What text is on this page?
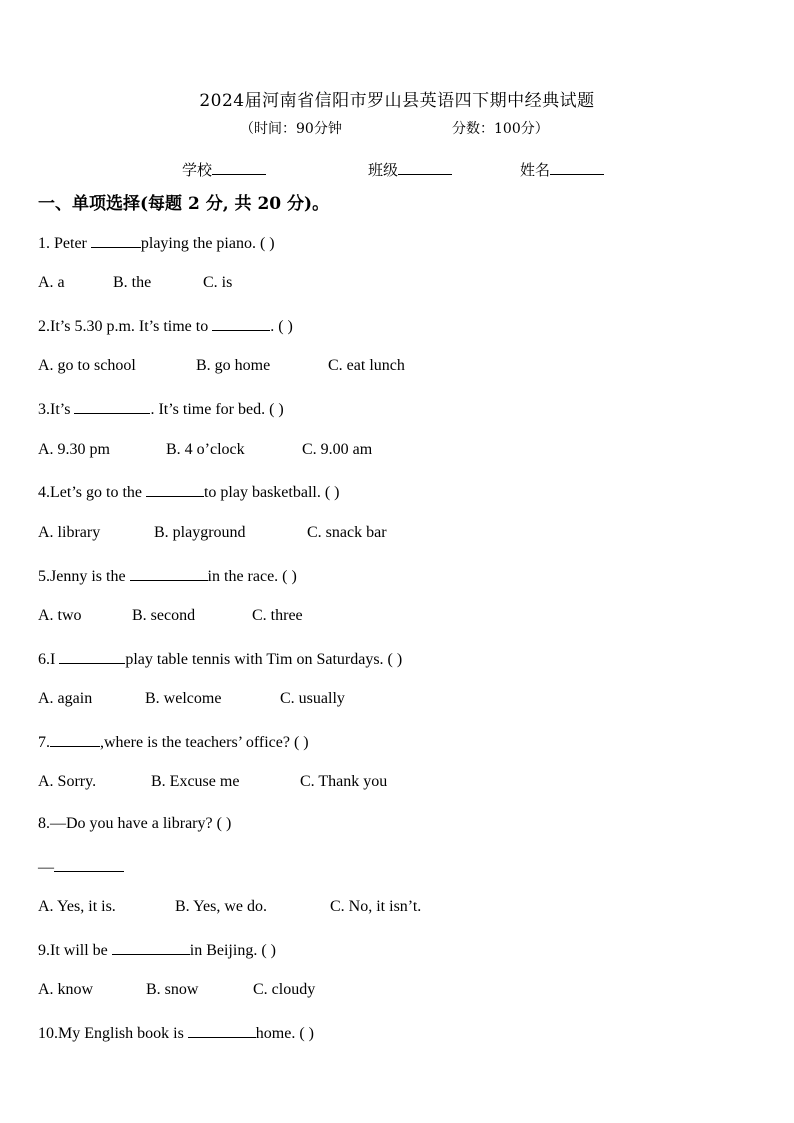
2024届河南省信阳市罗山县英语四下期中经典试题
（时间：90分钟	分数：100分）
学校	班级	姓名
一、单项选择(每题 2 分, 共 20 分)。
1. Peter	playing the piano. ( )
A. a	B. the	C. is
2.It’s 5.30 p.m. It’s time to	. ( )
A. go to school	B. go home	C. eat lunch
3.It’s	. It’s time for bed. ( )
A. 9.30 pm	B. 4 o’clock	C. 9.00 am
4.Let’s go to the	to play basketball. ( )
A. library	B. playground	C. snack bar
5.Jenny is the	in the race. ( )
A. two	B. second	C. three
6.I	play table tennis with Tim on Saturdays. ( )
A. again	B. welcome	C. usually
7.	,where is the teachers’ office? ( )
A. Sorry.	B. Excuse me	C. Thank you
8.—Do you have a library? ( )
—
A. Yes, it is.	B. Yes, we do.	C. No, it isn’t.
9.It will be	in Beijing. ( )
A. know	B. snow	C. cloudy
10.My English book is	home. ( )
